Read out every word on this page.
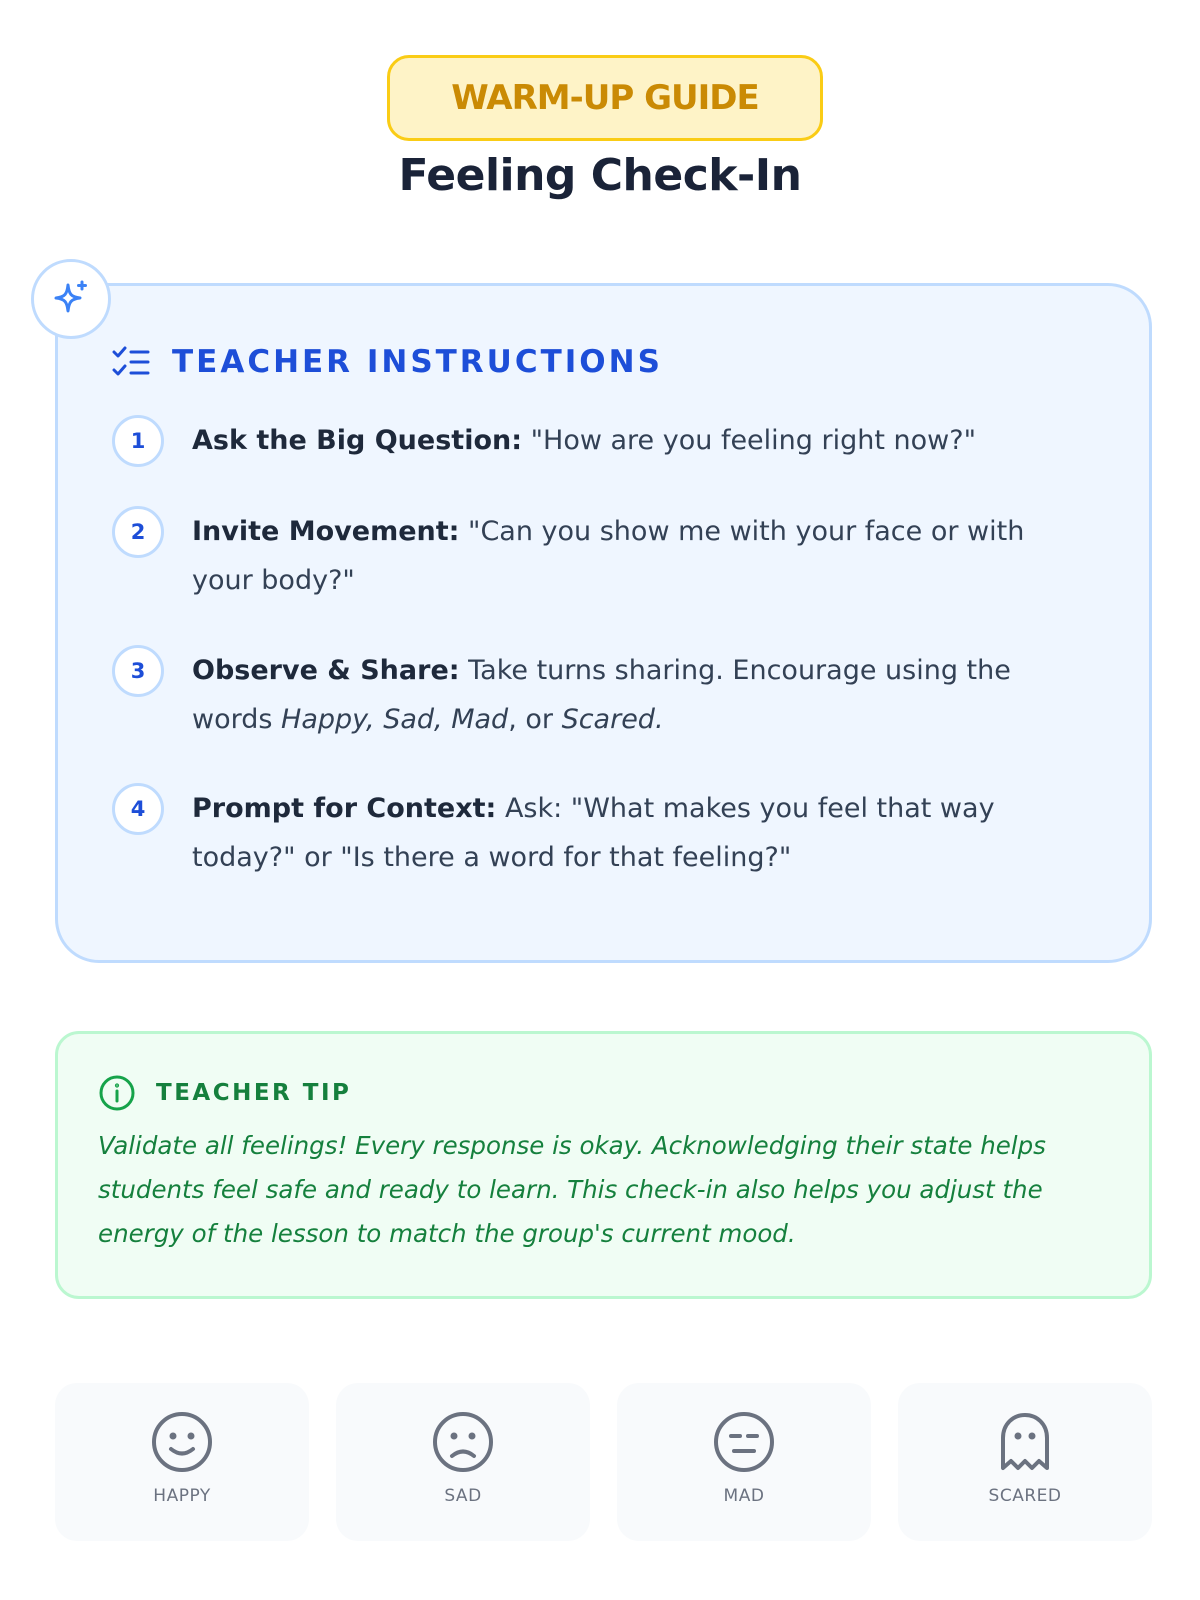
WARM-UP GUIDE
Feeling Check-In
TEACHER INSTRUCTIONS
1	Ask the Big Question: "How are you feeling right now?"
2	Invite Movement: "Can you show me with your face or with your body?"
3	Observe & Share: Take turns sharing. Encourage using the words Happy, Sad, Mad, or Scared.
4	Prompt for Context: Ask: "What makes you feel that way today?" or "Is there a word for that feeling?"
TEACHER TIP

Validate all feelings! Every response is okay. Acknowledging their state helps students feel safe and ready to learn. This check-in also helps you adjust the energy of the lesson to match the group's current mood.

HAPPY	SAD	MAD	SCARED
